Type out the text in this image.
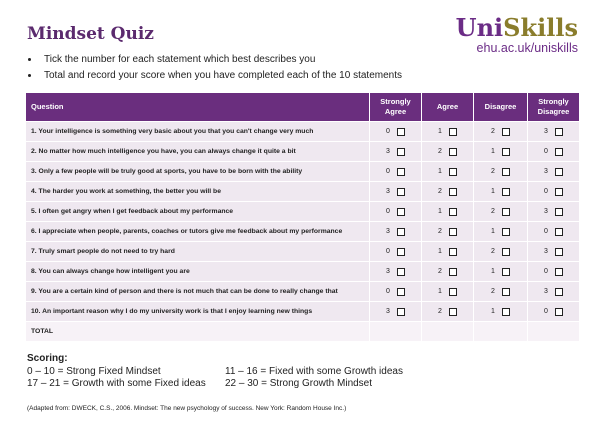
Mindset Quiz	UniSkills
ehu.ac.uk/uniskills
• Tick the number for each statement which best describes you
• Total and record your score when you have completed each of the 10 statements
Question	Strongly Agree	Agree	Disagree	Strongly Disagree
1. Your intelligence is something very basic about you that you can't change very much	0	1	2	3

2. No matter how much intelligence you have, you can always change it quite a bit	3	2	1	0

3. Only a few people will be truly good at sports, you have to be born with the ability	0	1	2	3

4. The harder you work at something, the better you will be	3	2	1	0

5. I often get angry when I get feedback about my performance	0	1	2	3

6. I appreciate when people, parents, coaches or tutors give me feedback about my performance	3	2	1	0

7. Truly smart people do not need to try hard	0	1	2	3

8. You can always change how intelligent you are	3	2	1	0

9. You are a certain kind of person and there is not much that can be done to really change that	0	1	2	3

10. An important reason why I do my university work is that I enjoy learning new things	3	2	1	0

TOTAL				
Scoring:
0 – 10 = Strong Fixed Mindset	11 – 16 = Fixed with some Growth ideas
17 – 21 = Growth with some Fixed ideas	22 – 30 = Strong Growth Mindset
(Adapted from: DWECK, C.S., 2006. Mindset: The new psychology of success. New York: Random House Inc.)
